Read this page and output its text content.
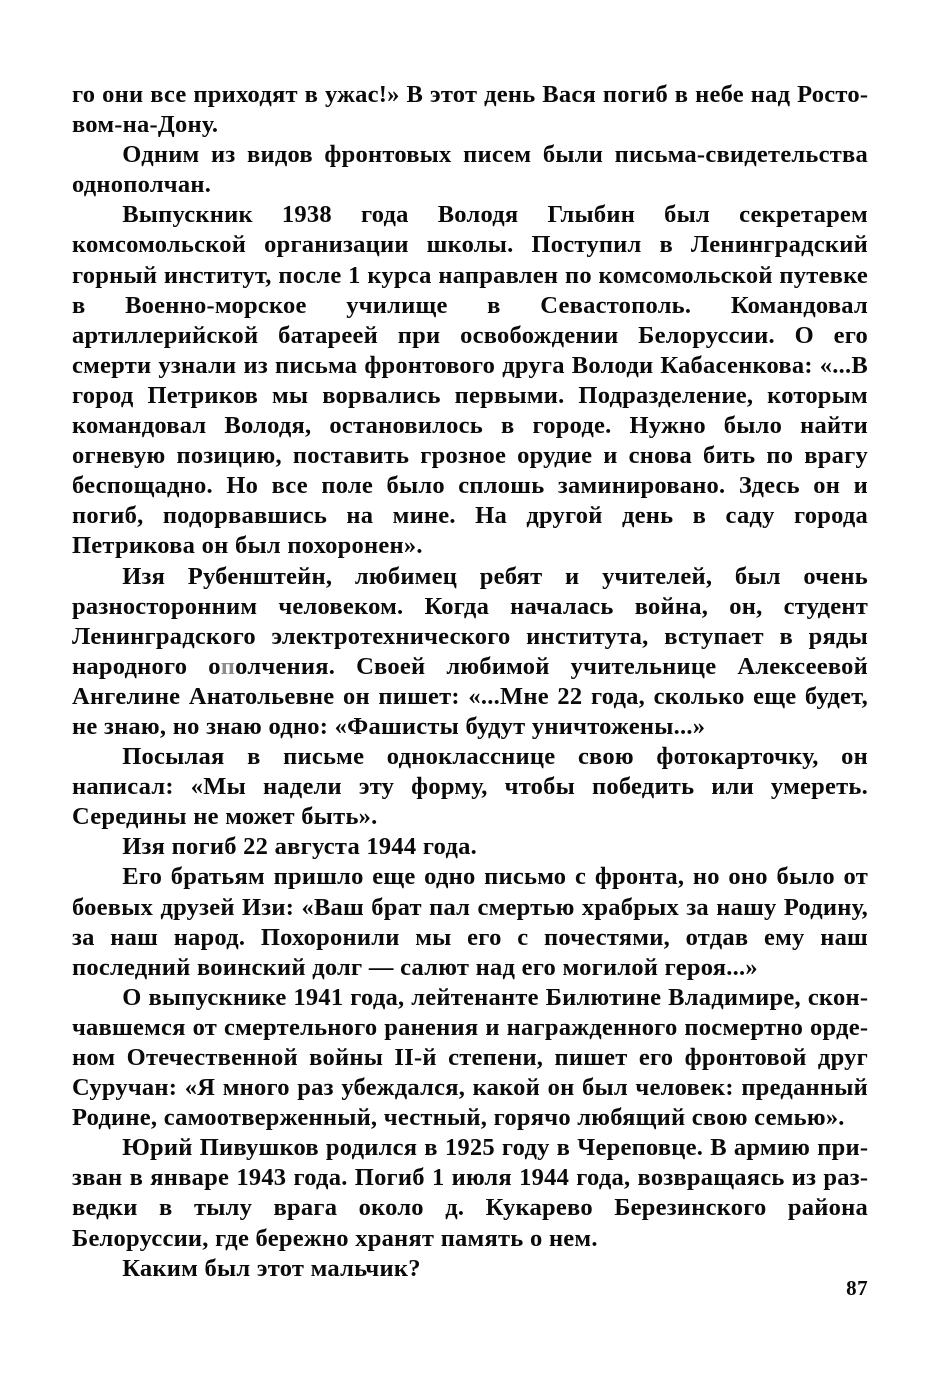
го они все приходят в ужас!» В этот день Вася погиб в небе над Ростовом-на-Дону.

Одним из видов фронтовых писем были письма-свидетельства однополчан.

Выпускник 1938 года Володя Глыбин был секретарем комсомольской организации школы. Поступил в Ленинградский горный институт, после 1 курса направлен по комсомольской путевке в Военно-морское училище в Севастополь. Командовал артиллерийской батареей при освобождении Белоруссии. О его смерти узнали из письма фронтового друга Володи Кабасенкова: «...В город Петриков мы ворвались первыми. Подразделение, которым командовал Володя, остановилось в городе. Нужно было найти огневую позицию, поставить грозное орудие и снова бить по врагу беспощадно. Но все поле было сплошь заминировано. Здесь он и погиб, подорвавшись на мине. На другой день в саду города Петрикова он был похоронен».

Изя Рубенштейн, любимец ребят и учителей, был очень разносторонним человеком. Когда началась война, он, студент Ленинградского электротехнического института, вступает в ряды народного ополчения. Своей любимой учительнице Алексеевой Ангелине Анатольевне он пишет: «...Мне 22 года, сколько еще будет, не знаю, но знаю одно: «Фашисты будут уничтожены...»

Посылая в письме однокласснице свою фотокарточку, он написал: «Мы надели эту форму, чтобы победить или умереть. Середины не может быть».

Изя погиб 22 августа 1944 года.

Его братьям пришло еще одно письмо с фронта, но оно было от боевых друзей Изи: «Ваш брат пал смертью храбрых за нашу Родину, за наш народ. Похоронили мы его с почестями, отдав ему наш последний воинский долг — салют над его могилой героя...»

О выпускнике 1941 года, лейтенанте Билютине Владимире, скончавшемся от смертельного ранения и награжденного посмертно орденом Отечественной войны II-й степени, пишет его фронтовой друг Суручан: «Я много раз убеждался, какой он был человек: преданный Родине, самоотверженный, честный, горячо любящий свою семью».

Юрий Пивушков родился в 1925 году в Череповце. В армию призван в январе 1943 года. Погиб 1 июля 1944 года, возвращаясь из разведки в тылу врага около д. Кукарево Березинского района Белоруссии, где бережно хранят память о нем.

Каким был этот мальчик?

87
